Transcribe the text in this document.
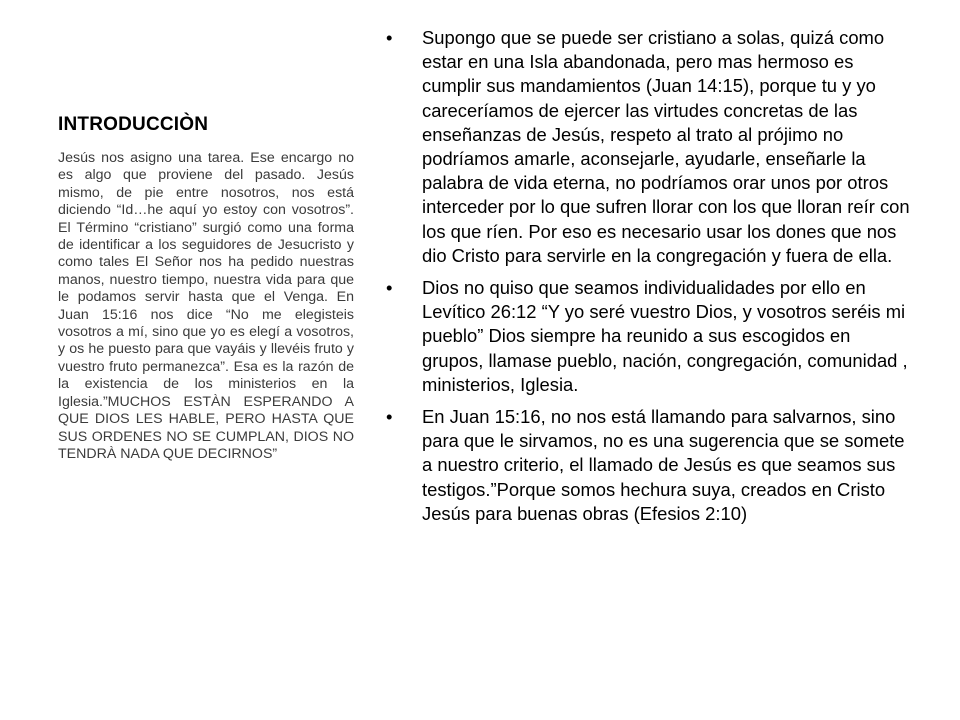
INTRODUCCIÒN

Jesús nos asigno una tarea. Ese encargo no es algo que proviene del pasado. Jesús mismo, de pie entre nosotros, nos está diciendo “Id…he aquí yo estoy con vosotros”. El Término “cristiano” surgió como una forma de identificar a los seguidores de Jesucristo y como tales El Señor nos ha pedido nuestras manos, nuestro tiempo, nuestra vida para que le podamos servir hasta que el Venga. En Juan 15:16 nos dice “No me elegisteis vosotros a mí, sino que yo es elegí a vosotros, y os he puesto para que vayáis y llevéis fruto y vuestro fruto permanezca”. Esa es la razón de la existencia de los ministerios en la Iglesia.”MUCHOS ESTÀN ESPERANDO A QUE DIOS LES HABLE, PERO HASTA QUE SUS ORDENES NO SE CUMPLAN, DIOS NO TENDRÀ NADA QUE DECIRNOS”

• Supongo que se puede ser cristiano a solas, quizá como estar en una Isla abandonada, pero mas hermoso es cumplir sus mandamientos (Juan 14:15), porque tu y yo careceríamos de ejercer las virtudes concretas de las enseñanzas de Jesús, respeto al trato al prójimo no podríamos amarle, aconsejarle, ayudarle, enseñarle la palabra de vida eterna, no podríamos orar unos por otros interceder por lo que sufren llorar con los que lloran reír con los que ríen. Por eso es necesario usar los dones que nos dio Cristo para servirle en la congregación y fuera de ella.
• Dios no quiso que seamos individualidades por ello en Levítico 26:12 “Y yo seré vuestro Dios, y vosotros seréis mi pueblo” Dios siempre ha reunido a sus escogidos en grupos, llamase pueblo, nación, congregación, comunidad , ministerios, Iglesia.
• En Juan 15:16, no nos está llamando para salvarnos, sino para que le sirvamos, no es una sugerencia que se somete a nuestro criterio, el llamado de Jesús es que seamos sus testigos.”Porque somos hechura suya, creados en Cristo Jesús para buenas obras (Efesios 2:10)
